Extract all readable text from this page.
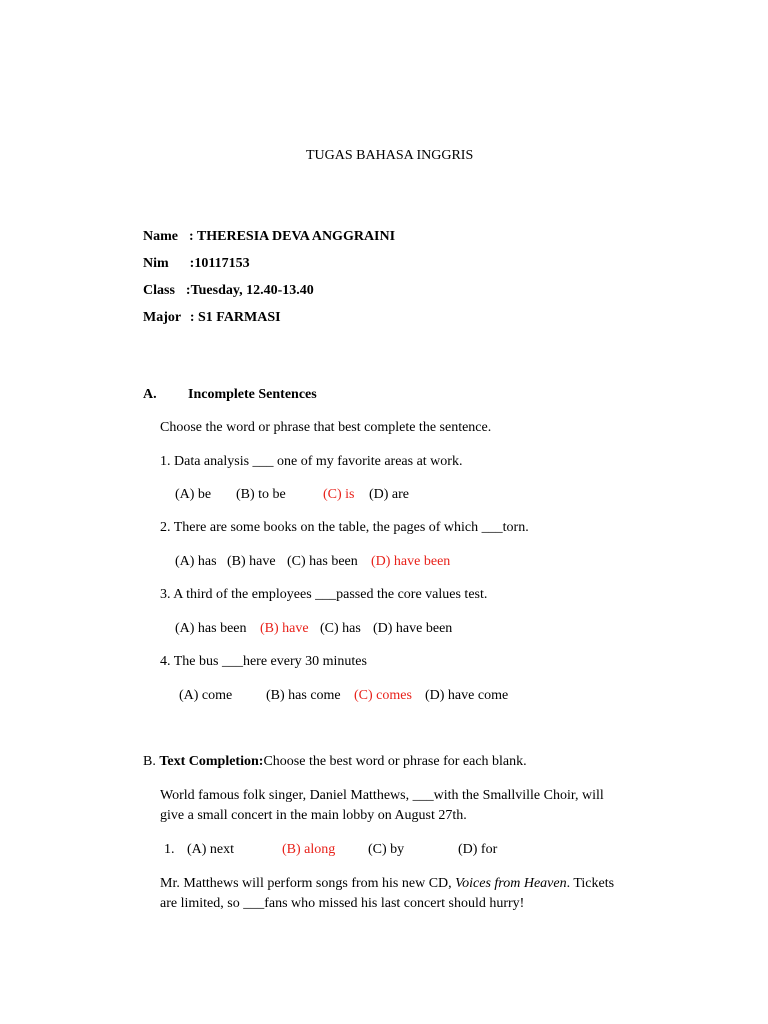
TUGAS BAHASA INGGRIS
Name : THERESIA DEVA ANGGRAINI
Nim :10117153
Class :Tuesday, 12.40-13.40
Major : S1 FARMASI
A. Incomplete Sentences
Choose the word or phrase that best complete the sentence.
1. Data analysis ___ one of my favorite areas at work.
(A) be (B) to be	(C) is (D) are
2. There are some books on the table, the pages of which ___torn.
(A) has (B) have (C) has been (D) have been
3. A third of the employees ___passed the core values test.
(A) has been (B) have (C) has (D) have been
4. The bus ___here every 30 minutes
(A) come (B) has come (C) comes (D) have come
B. Text Completion:Choose the best word or phrase for each blank.
World famous folk singer, Daniel Matthews, ___with the Smallville Choir, will
give a small concert in the main lobby on August 27th.
1. (A) next	(B) along (C) by	(D) for
Mr. Matthews will perform songs from his new CD, Voices from Heaven. Tickets
are limited, so ___fans who missed his last concert should hurry!
